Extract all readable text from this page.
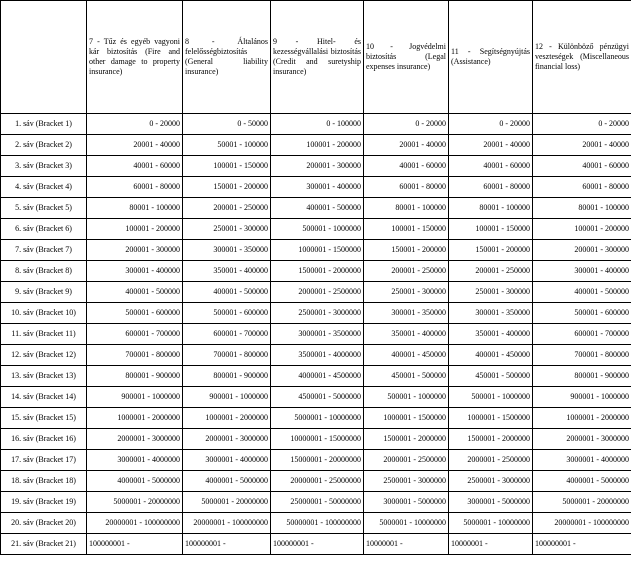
	7 - Tűz és egyéb vagyoni kár biztosítás (Fire and other damage to property insurance)	8 - Általános felelősségbiztosítás (General liability insurance)	9 - Hitel- és kezességvállalási biztosítás (Credit and suretyship insurance)	10 - Jogvédelmi biztosítás (Legal expenses insurance)	11 - Segítségnyújtás (Assistance)	12 - Különböző pénzügyi veszteségek (Miscellaneous financial loss)
1. sáv (Bracket 1)	0 - 20000	0 - 50000	0 - 100000	0 - 20000	0 - 20000	0 - 20000
2. sáv (Bracket 2)	20001 - 40000	50001 - 100000	100001 - 200000	20001 - 40000	20001 - 40000	20001 - 40000
3. sáv (Bracket 3)	40001 - 60000	100001 - 150000	200001 - 300000	40001 - 60000	40001 - 60000	40001 - 60000
4. sáv (Bracket 4)	60001 - 80000	150001 - 200000	300001 - 400000	60001 - 80000	60001 - 80000	60001 - 80000
5. sáv (Bracket 5)	80001 - 100000	200001 - 250000	400001 - 500000	80001 - 100000	80001 - 100000	80001 - 100000
6. sáv (Bracket 6)	100001 - 200000	250001 - 300000	500001 - 1000000	100001 - 150000	100001 - 150000	100001 - 200000
7. sáv (Bracket 7)	200001 - 300000	300001 - 350000	1000001 - 1500000	150001 - 200000	150001 - 200000	200001 - 300000
8. sáv (Bracket 8)	300001 - 400000	350001 - 400000	1500001 - 2000000	200001 - 250000	200001 - 250000	300001 - 400000
9. sáv (Bracket 9)	400001 - 500000	400001 - 500000	2000001 - 2500000	250001 - 300000	250001 - 300000	400001 - 500000
10. sáv (Bracket 10)	500001 - 600000	500001 - 600000	2500001 - 3000000	300001 - 350000	300001 - 350000	500001 - 600000
11. sáv (Bracket 11)	600001 - 700000	600001 - 700000	3000001 - 3500000	350001 - 400000	350001 - 400000	600001 - 700000
12. sáv (Bracket 12)	700001 - 800000	700001 - 800000	3500001 - 4000000	400001 - 450000	400001 - 450000	700001 - 800000
13. sáv (Bracket 13)	800001 - 900000	800001 - 900000	4000001 - 4500000	450001 - 500000	450001 - 500000	800001 - 900000
14. sáv (Bracket 14)	900001 - 1000000	900001 - 1000000	4500001 - 5000000	500001 - 1000000	500001 - 1000000	900001 - 1000000
15. sáv (Bracket 15)	1000001 - 2000000	1000001 - 2000000	5000001 - 10000000	1000001 - 1500000	1000001 - 1500000	1000001 - 2000000
16. sáv (Bracket 16)	2000001 - 3000000	2000001 - 3000000	10000001 - 15000000	1500001 - 2000000	1500001 - 2000000	2000001 - 3000000
17. sáv (Bracket 17)	3000001 - 4000000	3000001 - 4000000	15000001 - 20000000	2000001 - 2500000	2000001 - 2500000	3000001 - 4000000
18. sáv (Bracket 18)	4000001 - 5000000	4000001 - 5000000	20000001 - 25000000	2500001 - 3000000	2500001 - 3000000	4000001 - 5000000
19. sáv (Bracket 19)	5000001 - 20000000	5000001 - 20000000	25000001 - 50000000	3000001 - 5000000	3000001 - 5000000	5000001 - 20000000
20. sáv (Bracket 20)	20000001 - 100000000	20000001 - 100000000	50000001 - 100000000	5000001 - 10000000	5000001 - 10000000	20000001 - 100000000
21. sáv (Bracket 21)	100000001 -	100000001 -	100000001 -	10000001 -	10000001 -	100000001 -
